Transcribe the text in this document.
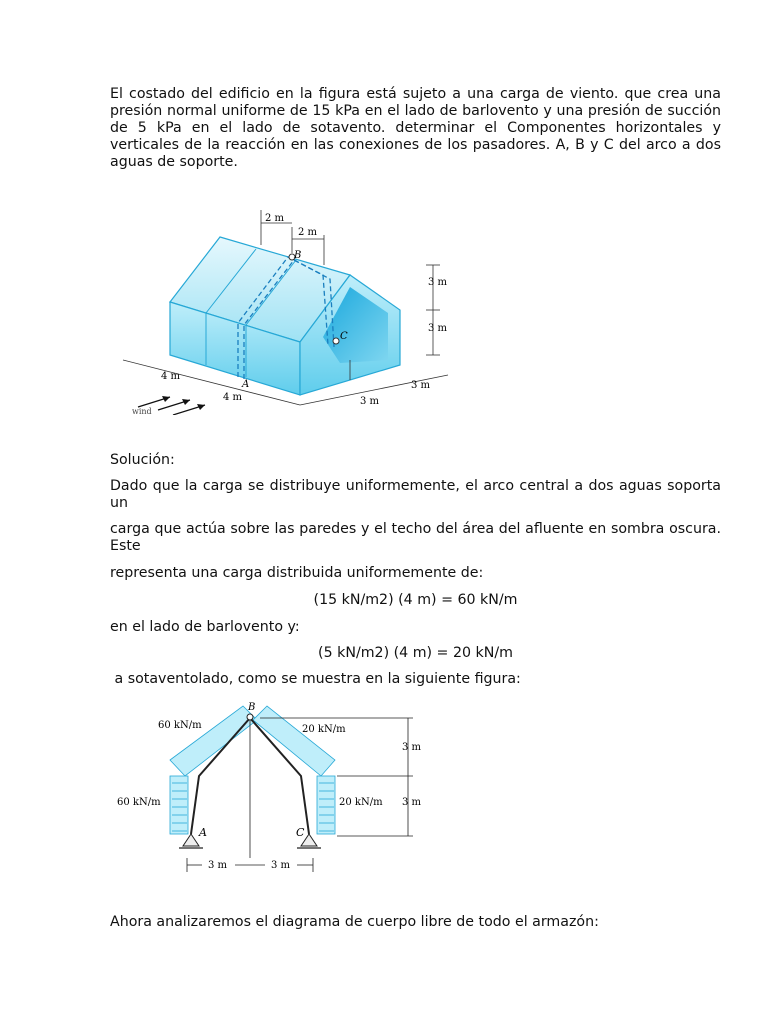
El costado del edificio en la figura está sujeto a una carga de viento. que crea una presión normal uniforme de 15 kPa en el lado de barlovento y una presión de succión de 5 kPa en el lado de sotavento. determinar el Componentes horizontales y verticales de la reacción en las conexiones de los pasadores. A, B y C del arco a dos aguas de soporte.

2 m
2 m
B
C
A
3 m
3 m
4 m
4 m
3 m
3 m
wind

Solución:

Dado que la carga se distribuye uniformemente, el arco central a dos aguas soporta un

carga que actúa sobre las paredes y el techo del área del afluente en sombra oscura. Este

representa una carga distribuida uniformemente de:

(15 kN/m2) (4 m) = 60 kN/m

en el lado de barlovento y:

(5 kN/m2) (4 m) = 20 kN/m

a sotaventolado, como se muestra en la siguiente figura:

60 kN/m	20 kN/m
60 kN/m	20 kN/m
B
A	C
3 m
3 m
3 m	3 m

Ahora analizaremos el diagrama de cuerpo libre de todo el armazón:
